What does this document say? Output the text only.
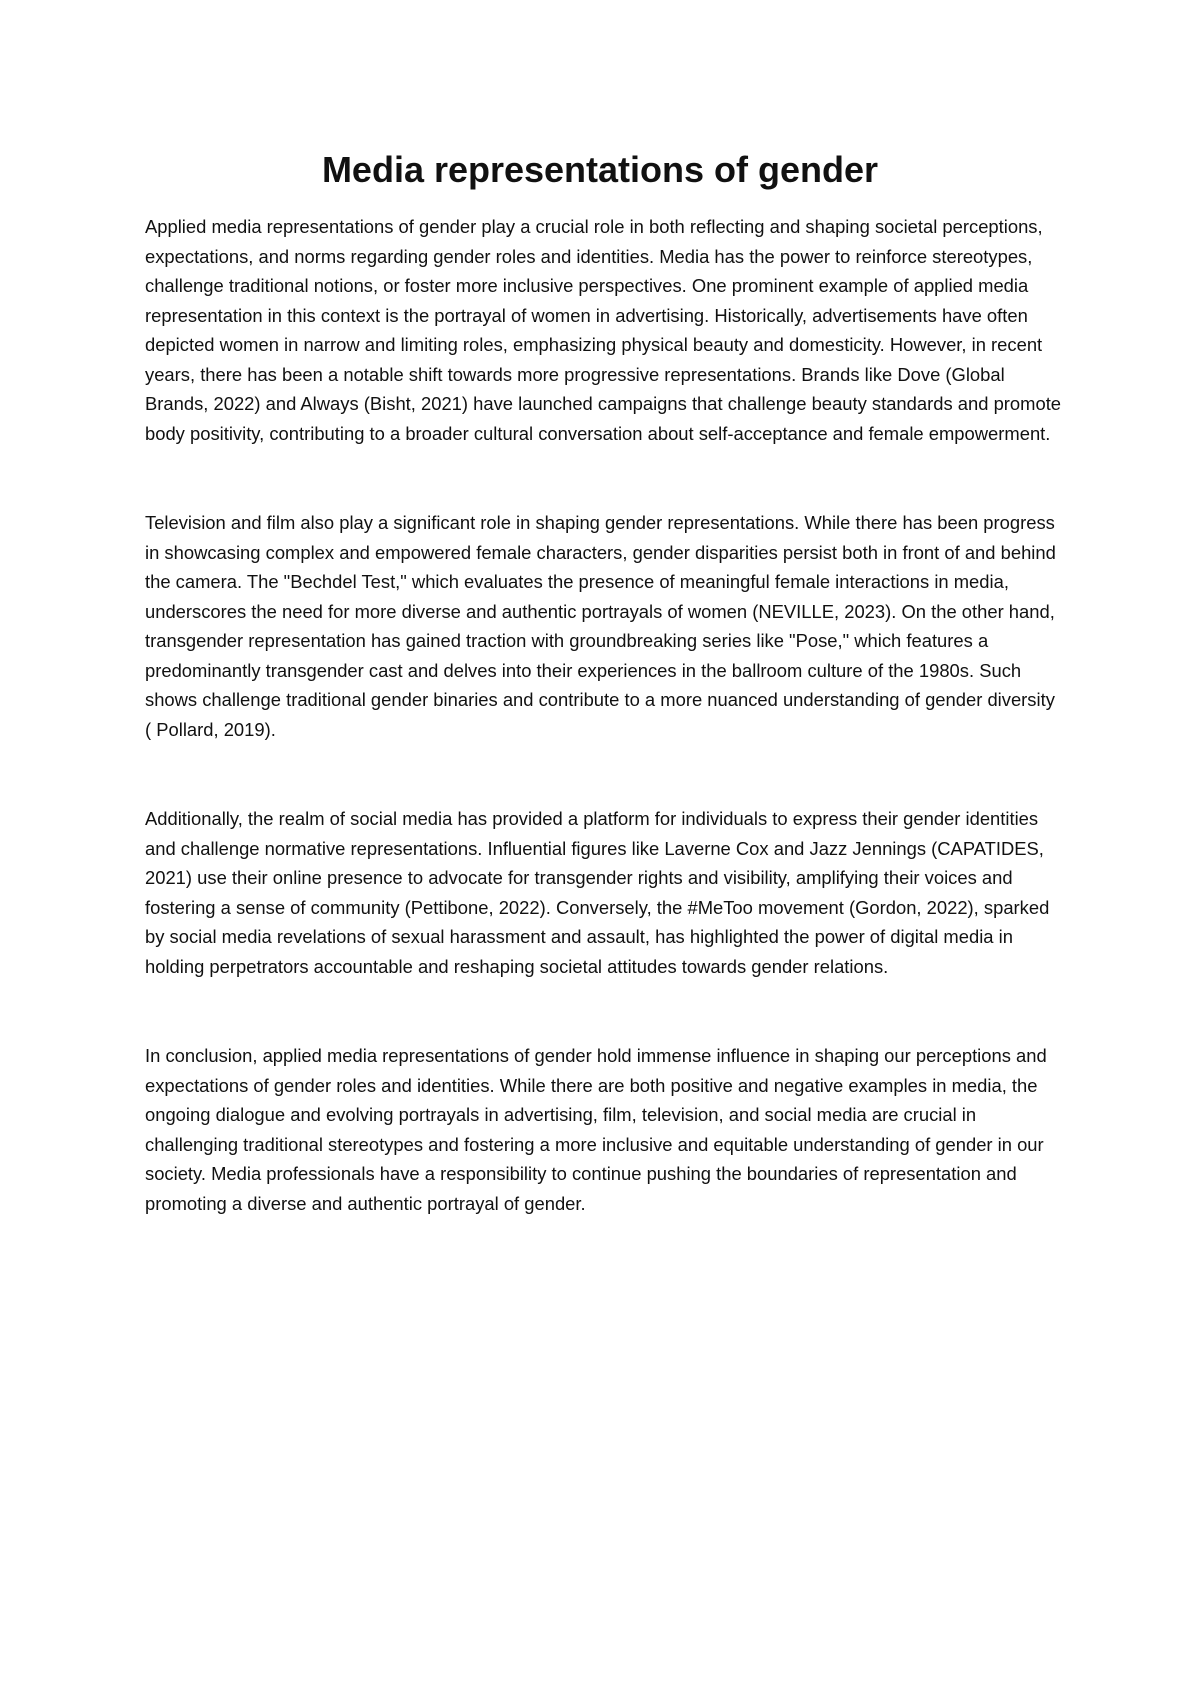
Media representations of gender

Applied media representations of gender play a crucial role in both reflecting and shaping societal perceptions, expectations, and norms regarding gender roles and identities. Media has the power to reinforce stereotypes, challenge traditional notions, or foster more inclusive perspectives. One prominent example of applied media representation in this context is the portrayal of women in advertising. Historically, advertisements have often depicted women in narrow and limiting roles, emphasizing physical beauty and domesticity. However, in recent years, there has been a notable shift towards more progressive representations. Brands like Dove (Global Brands, 2022) and Always (Bisht, 2021) have launched campaigns that challenge beauty standards and promote body positivity, contributing to a broader cultural conversation about self-acceptance and female empowerment.

Television and film also play a significant role in shaping gender representations. While there has been progress in showcasing complex and empowered female characters, gender disparities persist both in front of and behind the camera. The "Bechdel Test," which evaluates the presence of meaningful female interactions in media, underscores the need for more diverse and authentic portrayals of women (NEVILLE, 2023). On the other hand, transgender representation has gained traction with groundbreaking series like "Pose," which features a predominantly transgender cast and delves into their experiences in the ballroom culture of the 1980s. Such shows challenge traditional gender binaries and contribute to a more nuanced understanding of gender diversity ( Pollard, 2019).

Additionally, the realm of social media has provided a platform for individuals to express their gender identities and challenge normative representations. Influential figures like Laverne Cox and Jazz Jennings (CAPATIDES, 2021) use their online presence to advocate for transgender rights and visibility, amplifying their voices and fostering a sense of community (Pettibone, 2022). Conversely, the #MeToo movement (Gordon, 2022), sparked by social media revelations of sexual harassment and assault, has highlighted the power of digital media in holding perpetrators accountable and reshaping societal attitudes towards gender relations.

In conclusion, applied media representations of gender hold immense influence in shaping our perceptions and expectations of gender roles and identities. While there are both positive and negative examples in media, the ongoing dialogue and evolving portrayals in advertising, film, television, and social media are crucial in challenging traditional stereotypes and fostering a more inclusive and equitable understanding of gender in our society. Media professionals have a responsibility to continue pushing the boundaries of representation and promoting a diverse and authentic portrayal of gender.
